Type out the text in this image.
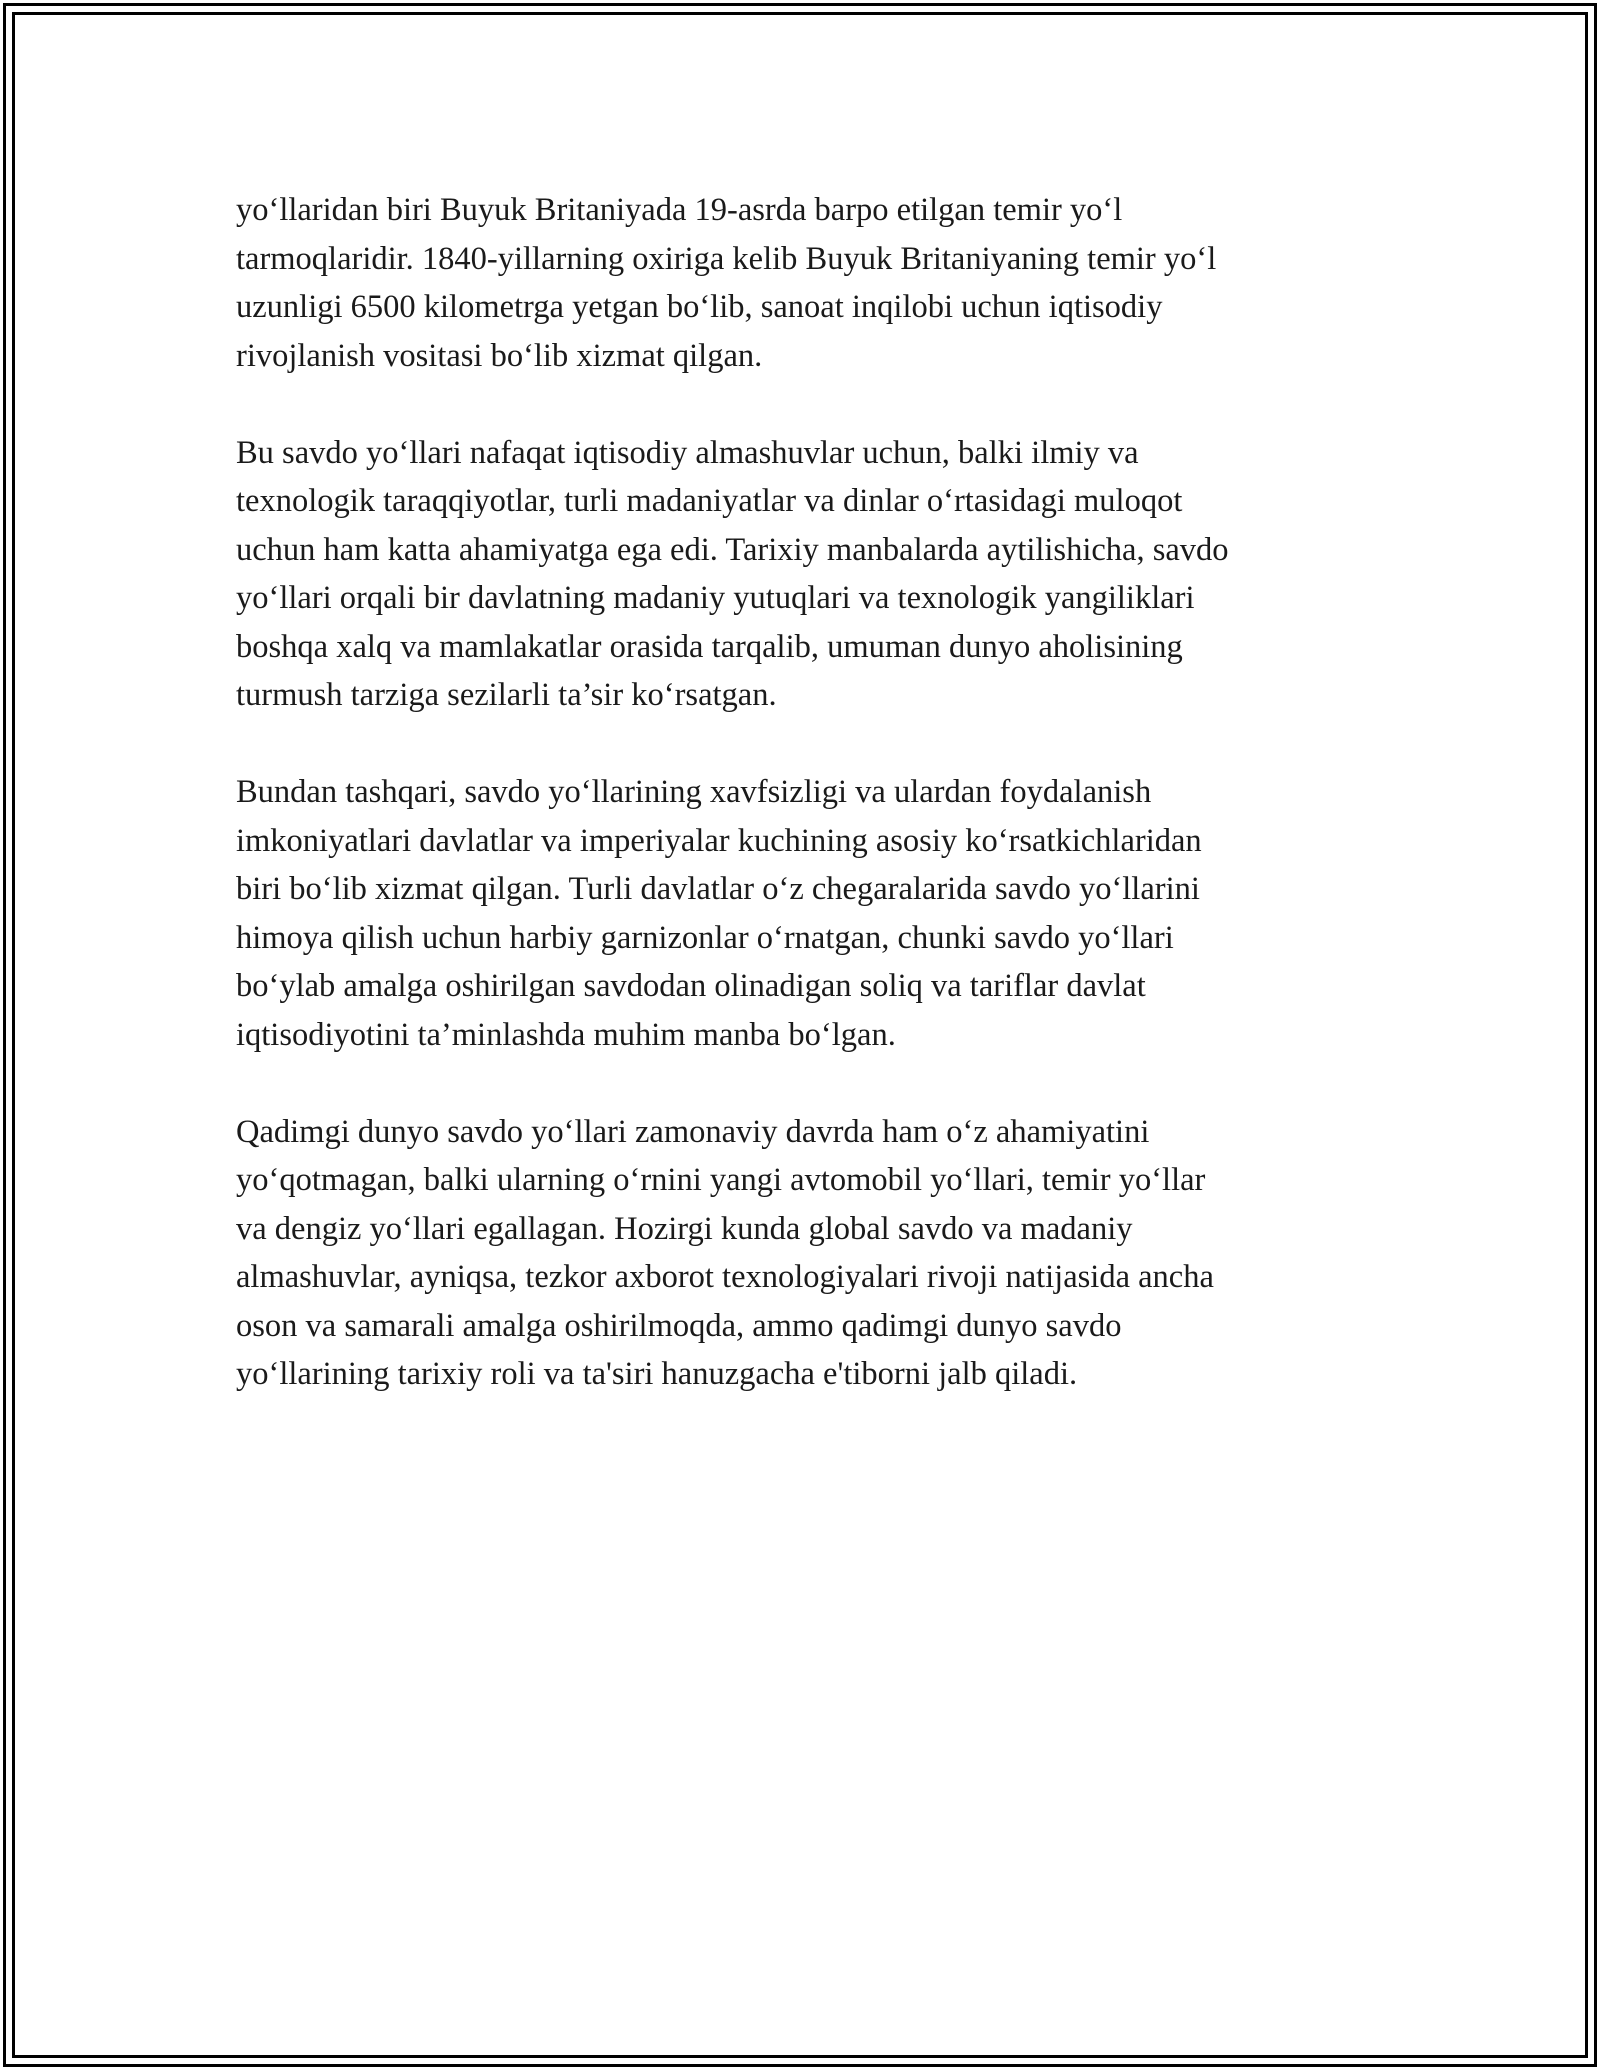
yo‘llaridan biri Buyuk Britaniyada 19-asrda barpo etilgan temir yo‘l
tarmoqlaridir. 1840-yillarning oxiriga kelib Buyuk Britaniyaning temir yo‘l
uzunligi 6500 kilometrga yetgan bo‘lib, sanoat inqilobi uchun iqtisodiy
rivojlanish vositasi bo‘lib xizmat qilgan.

Bu savdo yo‘llari nafaqat iqtisodiy almashuvlar uchun, balki ilmiy va
texnologik taraqqiyotlar, turli madaniyatlar va dinlar o‘rtasidagi muloqot
uchun ham katta ahamiyatga ega edi. Tarixiy manbalarda aytilishicha, savdo
yo‘llari orqali bir davlatning madaniy yutuqlari va texnologik yangiliklari
boshqa xalq va mamlakatlar orasida tarqalib, umuman dunyo aholisining
turmush tarziga sezilarli ta’sir ko‘rsatgan.

Bundan tashqari, savdo yo‘llarining xavfsizligi va ulardan foydalanish
imkoniyatlari davlatlar va imperiyalar kuchining asosiy ko‘rsatkichlaridan
biri bo‘lib xizmat qilgan. Turli davlatlar o‘z chegaralarida savdo yo‘llarini
himoya qilish uchun harbiy garnizonlar o‘rnatgan, chunki savdo yo‘llari
bo‘ylab amalga oshirilgan savdodan olinadigan soliq va tariflar davlat
iqtisodiyotini ta’minlashda muhim manba bo‘lgan.

Qadimgi dunyo savdo yo‘llari zamonaviy davrda ham o‘z ahamiyatini
yo‘qotmagan, balki ularning o‘rnini yangi avtomobil yo‘llari, temir yo‘llar
va dengiz yo‘llari egallagan. Hozirgi kunda global savdo va madaniy
almashuvlar, ayniqsa, tezkor axborot texnologiyalari rivoji natijasida ancha
oson va samarali amalga oshirilmoqda, ammo qadimgi dunyo savdo
yo‘llarining tarixiy roli va ta'siri hanuzgacha e'tiborni jalb qiladi.
